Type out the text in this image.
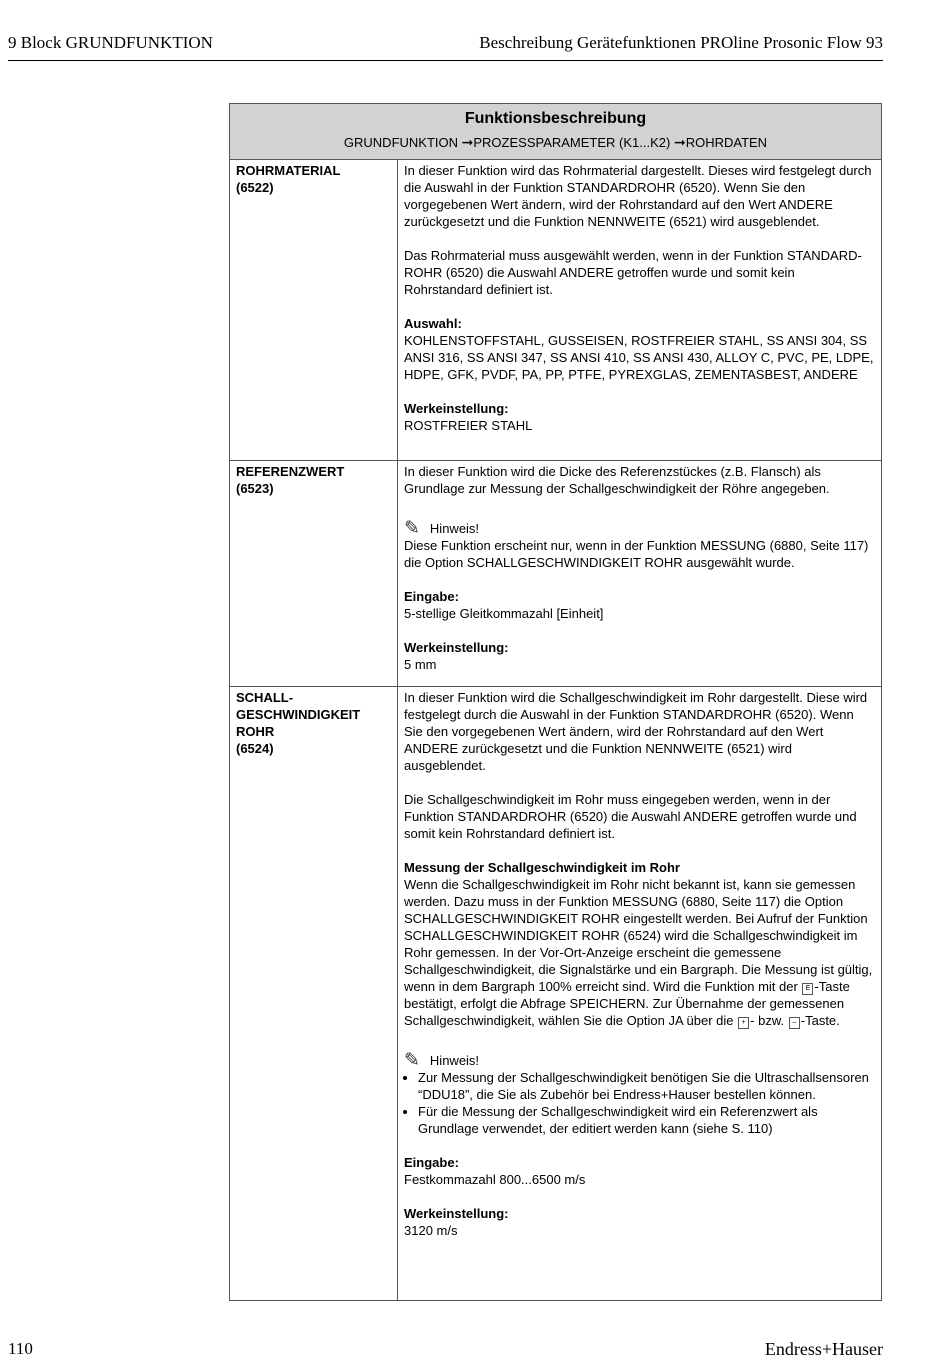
9 Block GRUNDFUNKTION	Beschreibung Gerätefunktionen PROline Prosonic Flow 93
Funktionsbeschreibung
GRUNDFUNKTION ➞PROZESSPARAMETER (K1...K2) ➞ROHRDATEN
ROHRMATERIAL
(6522)

In dieser Funktion wird das Rohrmaterial dargestellt. Dieses wird festgelegt durch die Auswahl in der Funktion STANDARDROHR (6520). Wenn Sie den vorgegebenen Wert ändern, wird der Rohrstandard auf den Wert ANDERE zurückgesetzt und die Funktion NENNWEITE (6521) wird ausgeblendet.

Das Rohrmaterial muss ausgewählt werden, wenn in der Funktion STANDARD-ROHR (6520) die Auswahl ANDERE getroffen wurde und somit kein Rohrstandard definiert ist.

Auswahl:
KOHLENSTOFFSTAHL, GUSSEISEN, ROSTFREIER STAHL, SS ANSI 304, SS ANSI 316, SS ANSI 347, SS ANSI 410, SS ANSI 430, ALLOY C, PVC, PE, LDPE, HDPE, GFK, PVDF, PA, PP, PTFE, PYREXGLAS, ZEMENTASBEST, ANDERE

Werkeinstellung:
ROSTFREIER STAHL

REFERENZWERT
(6523)

In dieser Funktion wird die Dicke des Referenzstückes (z.B. Flansch) als Grundlage zur Messung der Schallgeschwindigkeit der Röhre angegeben.

✎ Hinweis!

Diese Funktion erscheint nur, wenn in der Funktion MESSUNG (6880, Seite 117) die Option SCHALLGESCHWINDIGKEIT ROHR ausgewählt wurde.

Eingabe:
5-stellige Gleitkommazahl [Einheit]

Werkeinstellung:
5 mm

SCHALL-
GESCHWINDIGKEIT
ROHR
(6524)

In dieser Funktion wird die Schallgeschwindigkeit im Rohr dargestellt. Diese wird festgelegt durch die Auswahl in der Funktion STANDARDROHR (6520). Wenn Sie den vorgegebenen Wert ändern, wird der Rohrstandard auf den Wert ANDERE zurückgesetzt und die Funktion NENNWEITE (6521) wird ausgeblendet.

Die Schallgeschwindigkeit im Rohr muss eingegeben werden, wenn in der Funktion STANDARDROHR (6520) die Auswahl ANDERE getroffen wurde und somit kein Rohrstandard definiert ist.

Messung der Schallgeschwindigkeit im Rohr
Wenn die Schallgeschwindigkeit im Rohr nicht bekannt ist, kann sie gemessen werden. Dazu muss in der Funktion MESSUNG (6880, Seite 117) die Option SCHALLGESCHWINDIGKEIT ROHR eingestellt werden. Bei Aufruf der Funktion SCHALLGESCHWINDIGKEIT ROHR (6524) wird die Schallgeschwindigkeit im Rohr gemessen. In der Vor-Ort-Anzeige erscheint die gemessene Schallgeschwindigkeit, die Signalstärke und ein Bargraph. Die Messung ist gültig, wenn in dem Bargraph 100% erreicht sind. Wird die Funktion mit der E -Taste bestätigt, erfolgt die Abfrage SPEICHERN. Zur Übernahme der gemessenen Schallgeschwindigkeit, wählen Sie die Option JA über die + - bzw. – -Taste.

✎ Hinweis!
• Zur Messung der Schallgeschwindigkeit benötigen Sie die Ultraschallsensoren “DDU18”, die Sie als Zubehör bei Endress+Hauser bestellen können.
• Für die Messung der Schallgeschwindigkeit wird ein Referenzwert als Grundlage verwendet, der editiert werden kann (siehe S. 110)

Eingabe:
Festkommazahl 800...6500 m/s

Werkeinstellung:
3120 m/s

110	Endress+Hauser
